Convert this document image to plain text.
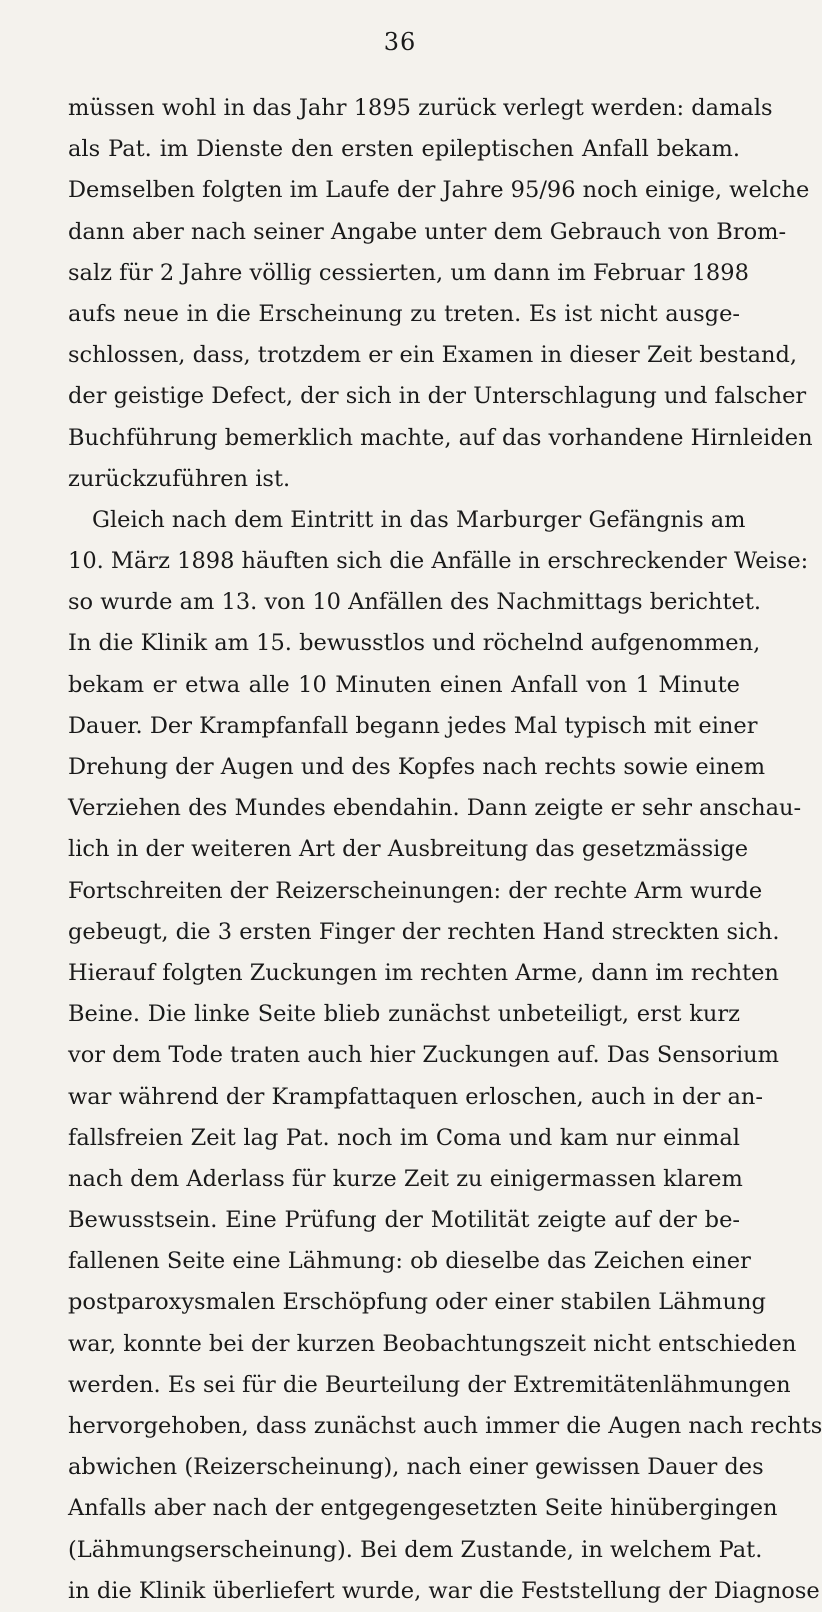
36
müssen wohl in das Jahr 1895 zurück verlegt werden: damals
als Pat. im Dienste den ersten epileptischen Anfall bekam.
Demselben folgten im Laufe der Jahre 95/96 noch einige, welche
dann aber nach seiner Angabe unter dem Gebrauch von Brom-
salz für 2 Jahre völlig cessierten, um dann im Februar 1898
aufs neue in die Erscheinung zu treten. Es ist nicht ausge-
schlossen, dass, trotzdem er ein Examen in dieser Zeit bestand,
der geistige Defect, der sich in der Unterschlagung und falscher
Buchführung bemerklich machte, auf das vorhandene Hirnleiden
zurückzuführen ist.
Gleich nach dem Eintritt in das Marburger Gefängnis am
10. März 1898 häuften sich die Anfälle in erschreckender Weise:
so wurde am 13. von 10 Anfällen des Nachmittags berichtet.
In die Klinik am 15. bewusstlos und röchelnd aufgenommen,
bekam er etwa alle 10 Minuten einen Anfall von 1 Minute
Dauer. Der Krampfanfall begann jedes Mal typisch mit einer
Drehung der Augen und des Kopfes nach rechts sowie einem
Verziehen des Mundes ebendahin. Dann zeigte er sehr anschau-
lich in der weiteren Art der Ausbreitung das gesetzmässige
Fortschreiten der Reizerscheinungen: der rechte Arm wurde
gebeugt, die 3 ersten Finger der rechten Hand streckten sich.
Hierauf folgten Zuckungen im rechten Arme, dann im rechten
Beine. Die linke Seite blieb zunächst unbeteiligt, erst kurz
vor dem Tode traten auch hier Zuckungen auf. Das Sensorium
war während der Krampfattaquen erloschen, auch in der an-
fallsfreien Zeit lag Pat. noch im Coma und kam nur einmal
nach dem Aderlass für kurze Zeit zu einigermassen klarem
Bewusstsein. Eine Prüfung der Motilität zeigte auf der be-
fallenen Seite eine Lähmung: ob dieselbe das Zeichen einer
postparoxysmalen Erschöpfung oder einer stabilen Lähmung
war, konnte bei der kurzen Beobachtungszeit nicht entschieden
werden. Es sei für die Beurteilung der Extremitätenlähmungen
hervorgehoben, dass zunächst auch immer die Augen nach rechts
abwichen (Reizerscheinung), nach einer gewissen Dauer des
Anfalls aber nach der entgegengesetzten Seite hinübergingen
(Lähmungserscheinung). Bei dem Zustande, in welchem Pat.
in die Klinik überliefert wurde, war die Feststellung der Diagnose
